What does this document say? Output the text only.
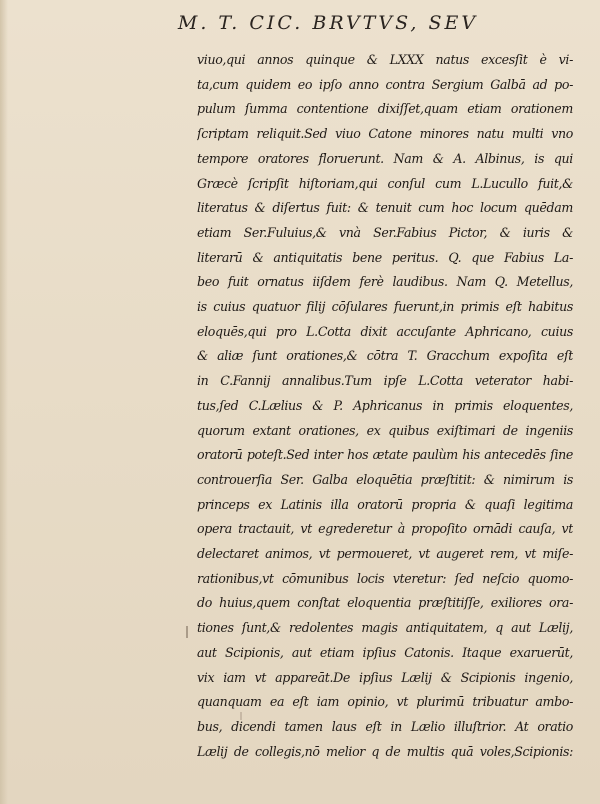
M. T. CIC. BRVTVS, SEV
viuo,qui annos quinque & LXXX natus excesſit è vi-
ta,cum quidem eo ipſo anno contra Sergium Galbā ad po-
pulum ſumma contentione dixiſſet,quam etiam orationem
ſcriptam reliquit.Sed viuo Catone minores natu multi vno
tempore oratores floruerunt. Nam & A. Albinus, is qui
Græcè ſcripſit hiſtoriam,qui conſul cum L.Lucullo fuit,&
literatus & diſertus fuit: & tenuit cum hoc locum quēdam
etiam Ser.Fuluius,& vnà Ser.Fabius Pictor, & iuris &
literarū & antiquitatis bene peritus. Q. que Fabius La-
beo fuit ornatus iiſdem ferè laudibus. Nam Q. Metellus,
is cuius quatuor filij cōſulares fuerunt,in primis eſt habitus
eloquēs,qui pro L.Cotta dixit accuſante Aphricano, cuius
& aliæ ſunt orationes,& cōtra T. Gracchum expoſita eſt
in C.Fannij annalibus.Tum ipſe L.Cotta veterator habi-
tus,ſed C.Lælius & P. Aphricanus in primis eloquentes,
quorum extant orationes, ex quibus exiſtimari de ingeniis
oratorū poteſt.Sed inter hos ætate paulùm his antecedēs ſine
controuerſia Ser. Galba eloquētia præſtitit: & nimirum is
princeps ex Latinis illa oratorū propria & quaſi legitima
opera tractauit, vt egrederetur à propoſito ornādi cauſa, vt
delectaret animos, vt permoueret, vt augeret rem, vt miſe-
rationibus,vt cōmunibus locis vteretur: ſed neſcio quomo-
do huius,quem conſtat eloquentia præſtitiſſe, exiliores ora-
tiones ſunt,& redolentes magis antiquitatem, q aut Lælij,
aut Scipionis, aut etiam ipſius Catonis. Itaque exaruerūt,
vix iam vt appareāt.De ipſius Lælij & Scipionis ingenio,
quanquam ea eſt iam opinio, vt plurimū tribuatur ambo-
bus, dicendi tamen laus eſt in Lælio illuſtrior. At oratio
Lælij de collegis,nō melior q de multis quā voles,Scipionis:
